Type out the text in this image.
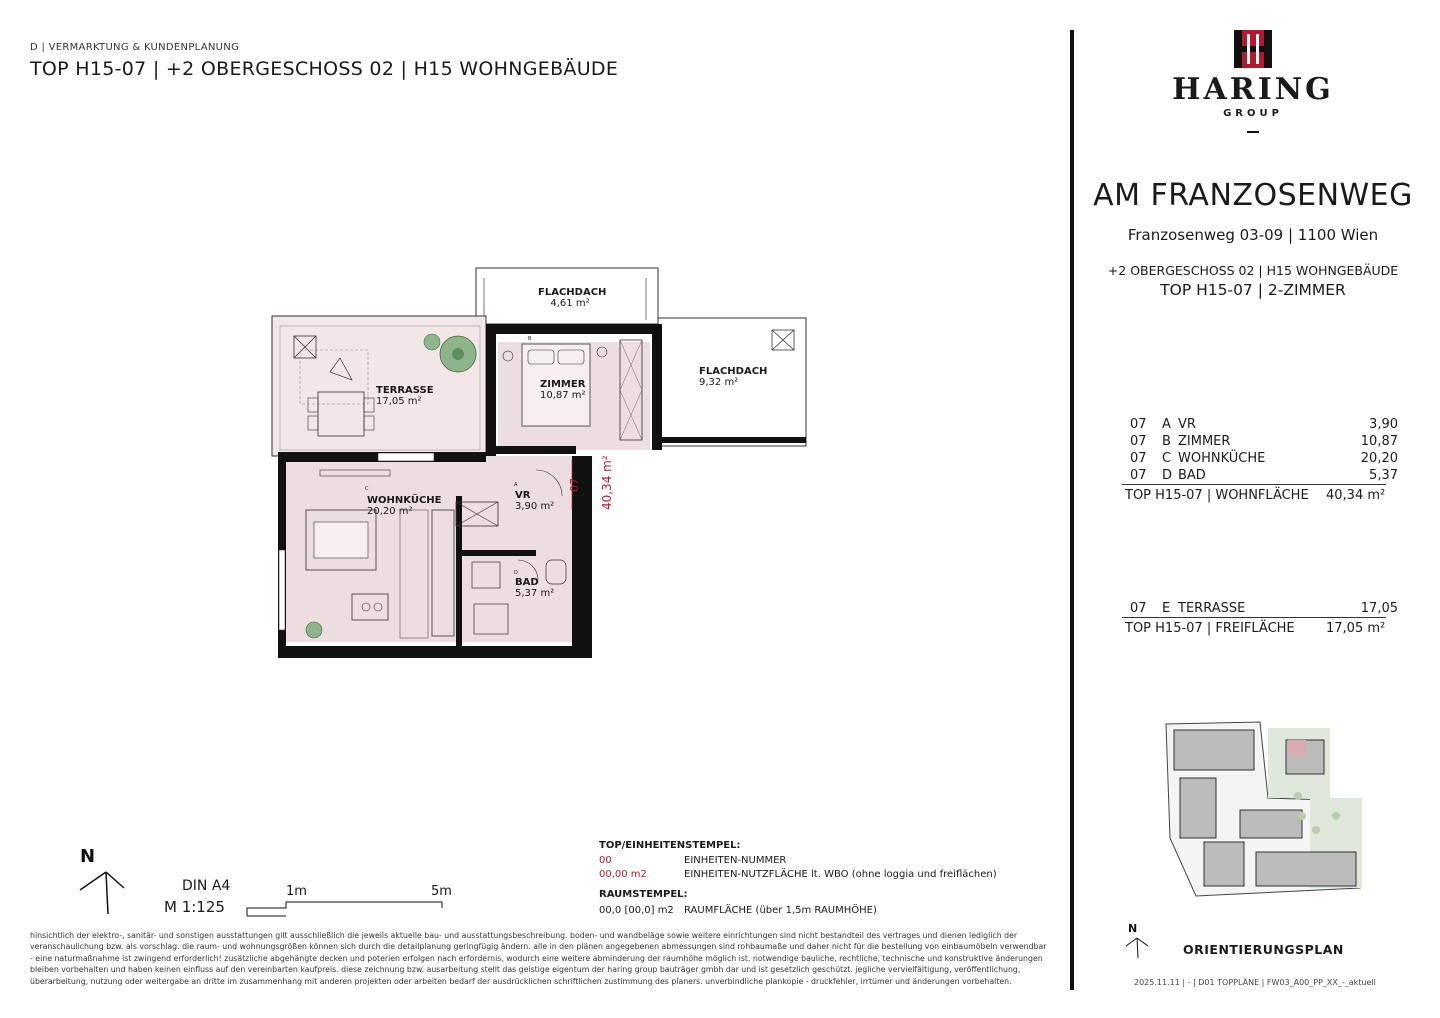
D | VERMARKTUNG & KUNDENPLANUNG
TOP H15-07 | +2 OBERGESCHOSS 02 | H15 WOHNGEBÄUDE
FLACHDACH
4,61 m²
FLACHDACH
9,32 m²
TERRASSE
17,05 m²
ZIMMER
10,87 m²
WOHNKÜCHE
20,20 m²
VR
3,90 m²
BAD
5,37 m²
B
C
A
D
07 40,34 m²
N
DIN A4
M 1:125
1m	5m
TOP/EINHEITENSTEMPEL:
00	EINHEITEN-NUMMER
00,00 m2	EINHEITEN-NUTZFLÄCHE lt. WBO (ohne loggia und freiflächen)
RAUMSTEMPEL:
00,0 [00,0] m2 RAUMFLÄCHE (über 1,5m RAUMHÖHE)
hinsichtlich der elektro-, sanitär- und sonstigen ausstattungen gilt ausschließlich die jeweils aktuelle bau- und ausstattungsbeschreibung. boden- und wandbeläge sowie weitere einrichtungen sind nicht bestandteil des vertrages und dienen lediglich der veranschaulichung bzw. als vorschlag. die raum- und wohnungsgrößen können sich durch die detailplanung geringfügig ändern. alle in den plänen angegebenen abmessungen sind rohbaumaße und daher nicht für die bestellung von einbaumöbeln verwendbar - eine naturmaßnahme ist zwingend erforderlich! zusätzliche abgehängte decken und poterien erfolgen nach erfordernis, wodurch eine weitere abminderung der raumhöhe möglich ist. notwendige bauliche, rechtliche, technische und konstruktive änderungen bleiben vorbehalten und haben keinen einfluss auf den vereinbarten kaufpreis. diese zeichnung bzw. ausarbeitung stellt das geistige eigentum der haring group bauträger gmbh dar und ist gesetzlich geschützt. jegliche vervielfältigung, veröffentlichung, überarbeitung, nutzung oder weitergabe an dritte im zusammenhang mit anderen projekten oder arbeiten bedarf der ausdrücklichen schriftlichen zustimmung des planers. unverbindliche plankopie - druckfehler, irrtümer und änderungen vorbehalten.
HARING
GROUP
AM FRANZOSENWEG
Franzosenweg 03-09 | 1100 Wien
+2 OBERGESCHOSS 02 | H15 WOHNGEBÄUDE
TOP H15-07 | 2-ZIMMER
07	A	VR	3,90
07	B	ZIMMER	10,87
07	C	WOHNKÜCHE	20,20
07	D	BAD	5,37
TOP H15-07 | WOHNFLÄCHE 40,34 m²
07	E	TERRASSE	17,05
TOP H15-07 | FREIFLÄCHE 17,05 m²
N
ORIENTIERUNGSPLAN
2025.11.11 | - | D01 TOPPLÄNE | FW03_A00_PP_XX_-_aktuell
